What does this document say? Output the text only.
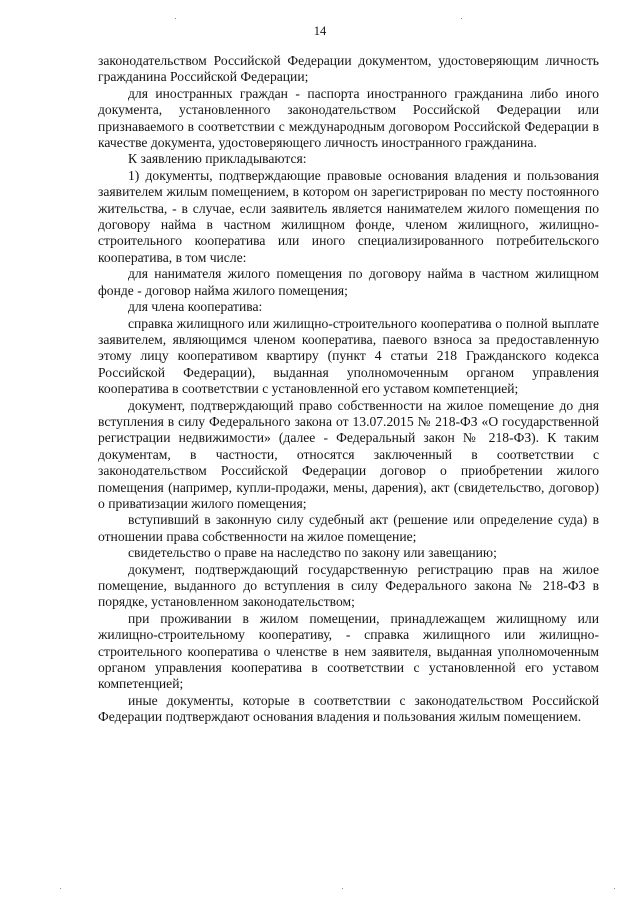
14

законодательством Российской Федерации документом, удостоверяющим личность гражданина Российской Федерации;

для иностранных граждан - паспорта иностранного гражданина либо иного документа, установленного законодательством Российской Федерации или признаваемого в соответствии с международным договором Российской Федерации в качестве документа, удостоверяющего личность иностранного гражданина.

К заявлению прикладываются:

1) документы, подтверждающие правовые основания владения и пользования заявителем жилым помещением, в котором он зарегистрирован по месту постоянного жительства, - в случае, если заявитель является нанимателем жилого помещения по договору найма в частном жилищном фонде, членом жилищного, жилищно-строительного кооператива или иного специализированного потребительского кооператива, в том числе:

для нанимателя жилого помещения по договору найма в частном жилищном фонде - договор найма жилого помещения;

для члена кооператива:

справка жилищного или жилищно-строительного кооператива о полной выплате заявителем, являющимся членом кооператива, паевого взноса за предоставленную этому лицу кооперативом квартиру (пункт 4 статьи 218 Гражданского кодекса Российской Федерации), выданная уполномоченным органом управления кооператива в соответствии с установленной его уставом компетенцией;

документ, подтверждающий право собственности на жилое помещение до дня вступления в силу Федерального закона от 13.07.2015 № 218-ФЗ «О государственной регистрации недвижимости» (далее - Федеральный закон № 218-ФЗ). К таким документам, в частности, относятся заключенный в соответствии с законодательством Российской Федерации договор о приобретении жилого помещения (например, купли-продажи, мены, дарения), акт (свидетельство, договор) о приватизации жилого помещения;

вступивший в законную силу судебный акт (решение или определение суда) в отношении права собственности на жилое помещение;

свидетельство о праве на наследство по закону или завещанию;

документ, подтверждающий государственную регистрацию прав на жилое помещение, выданного до вступления в силу Федерального закона № 218-ФЗ в порядке, установленном законодательством;

при проживании в жилом помещении, принадлежащем жилищному или жилищно-строительному кооперативу, - справка жилищного или жилищно-строительного кооператива о членстве в нем заявителя, выданная уполномоченным органом управления кооператива в соответствии с установленной его уставом компетенцией;

иные документы, которые в соответствии с законодательством Российской Федерации подтверждают основания владения и пользования жилым помещением.
